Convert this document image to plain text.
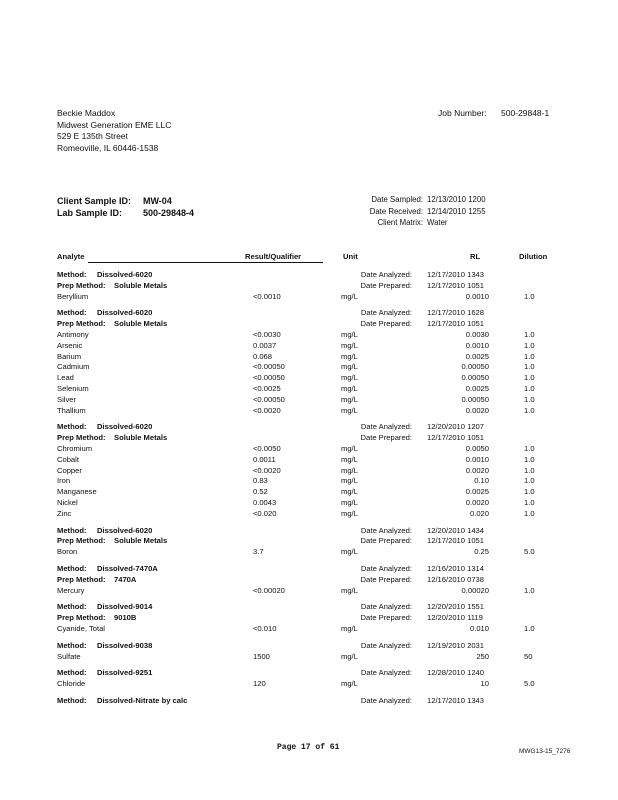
Beckie Maddox
Midwest Generation EME LLC
529 E 135th Street
Romeoville, IL 60446-1538
Job Number: 500-29848-1
Client Sample ID: MW-04
Lab Sample ID: 500-29848-4
Date Sampled: 12/13/2010 1200
Date Received: 12/14/2010 1255
Client Matrix: Water
Analyte	Result/Qualifier	Unit	RL	Dilution
Method: Dissolved-6020	Date Analyzed: 12/17/2010 1343
Prep Method: Soluble Metals	Date Prepared: 12/17/2010 1051
Beryllium	<0.0010	mg/L	0.0010	1.0
Method: Dissolved-6020	Date Analyzed: 12/17/2010 1628
Prep Method: Soluble Metals	Date Prepared: 12/17/2010 1051
Antimony	<0.0030	mg/L	0.0030	1.0
Arsenic	0.0037	mg/L	0.0010	1.0
Barium	0.068	mg/L	0.0025	1.0
Cadmium	<0.00050	mg/L	0.00050	1.0
Lead	<0.00050	mg/L	0.00050	1.0
Selenium	<0.0025	mg/L	0.0025	1.0
Silver	<0.00050	mg/L	0.00050	1.0
Thallium	<0.0020	mg/L	0.0020	1.0
Method: Dissolved-6020	Date Analyzed: 12/20/2010 1207
Prep Method: Soluble Metals	Date Prepared: 12/17/2010 1051
Chromium	<0.0050	mg/L	0.0050	1.0
Cobalt	0.0011	mg/L	0.0010	1.0
Copper	<0.0020	mg/L	0.0020	1.0
Iron	0.83	mg/L	0.10	1.0
Manganese	0.52	mg/L	0.0025	1.0
Nickel	0.0043	mg/L	0.0020	1.0
Zinc	<0.020	mg/L	0.020	1.0
Method: Dissolved-6020	Date Analyzed: 12/20/2010 1434
Prep Method: Soluble Metals	Date Prepared: 12/17/2010 1051
Boron	3.7	mg/L	0.25	5.0
Method: Dissolved-7470A	Date Analyzed: 12/16/2010 1314
Prep Method: 7470A	Date Prepared: 12/16/2010 0738
Mercury	<0.00020	mg/L	0.00020	1.0
Method: Dissolved-9014	Date Analyzed: 12/20/2010 1551
Prep Method: 9010B	Date Prepared: 12/20/2010 1119
Cyanide, Total	<0.010	mg/L	0.010	1.0
Method: Dissolved-9038	Date Analyzed: 12/19/2010 2031
Sulfate	1500	mg/L	250	50
Method: Dissolved-9251	Date Analyzed: 12/28/2010 1240
Chloride	120	mg/L	10	5.0
Method: Dissolved-Nitrate by calc	Date Analyzed: 12/17/2010 1343
Page 17 of 61	MWG13-15_7276
